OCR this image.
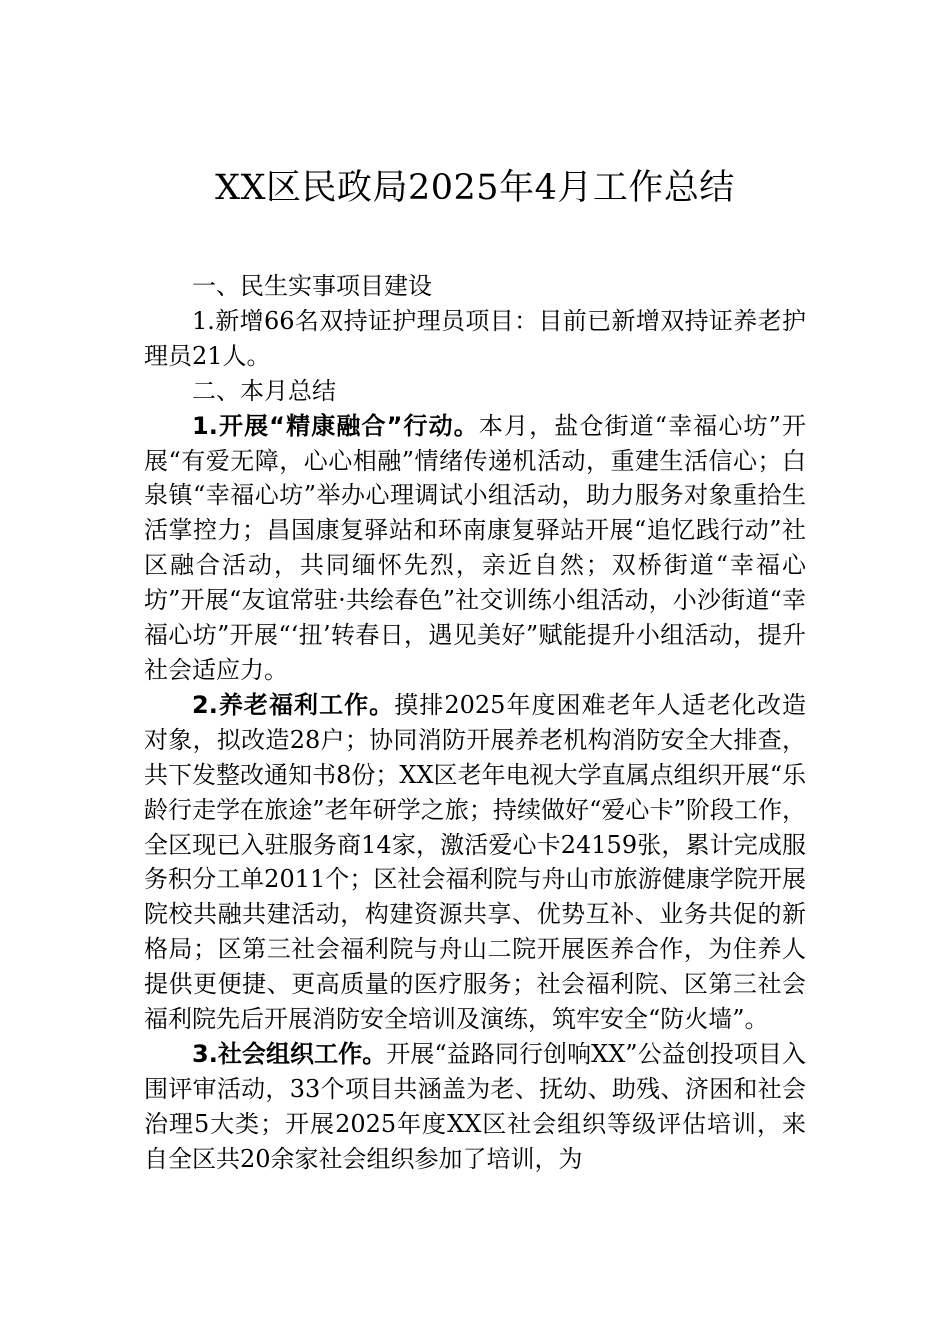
XX区民政局2025年4月工作总结

一、民生实事项目建设

1.新增66名双持证护理员项目：目前已新增双持证养老护理员21人。

二、本月总结

1.开展“精康融合”行动。本月，盐仓街道“幸福心坊”开展“有爱无障，心心相融”情绪传递机活动，重建生活信心；白泉镇“幸福心坊”举办心理调试小组活动，助力服务对象重拾生活掌控力；昌国康复驿站和环南康复驿站开展“追忆践行动”社区融合活动，共同缅怀先烈，亲近自然；双桥街道“幸福心坊”开展“友谊常驻·共绘春色”社交训练小组活动，小沙街道“幸福心坊”开展“‘扭’转春日，遇见美好”赋能提升小组活动，提升社会适应力。

2.养老福利工作。摸排2025年度困难老年人适老化改造对象，拟改造28户；协同消防开展养老机构消防安全大排查，共下发整改通知书8份；XX区老年电视大学直属点组织开展“乐龄行走学在旅途”老年研学之旅；持续做好“爱心卡”阶段工作，全区现已入驻服务商14家，激活爱心卡24159张，累计完成服务积分工单2011个；区社会福利院与舟山市旅游健康学院开展院校共融共建活动，构建资源共享、优势互补、业务共促的新格局；区第三社会福利院与舟山二院开展医养合作，为住养人提供更便捷、更高质量的医疗服务；社会福利院、区第三社会福利院先后开展消防安全培训及演练，筑牢安全“防火墙”。

3.社会组织工作。开展“益路同行创响XX”公益创投项目入围评审活动，33个项目共涵盖为老、抚幼、助残、济困和社会治理5大类；开展2025年度XX区社会组织等级评估培训，来自全区共20余家社会组织参加了培训，为
